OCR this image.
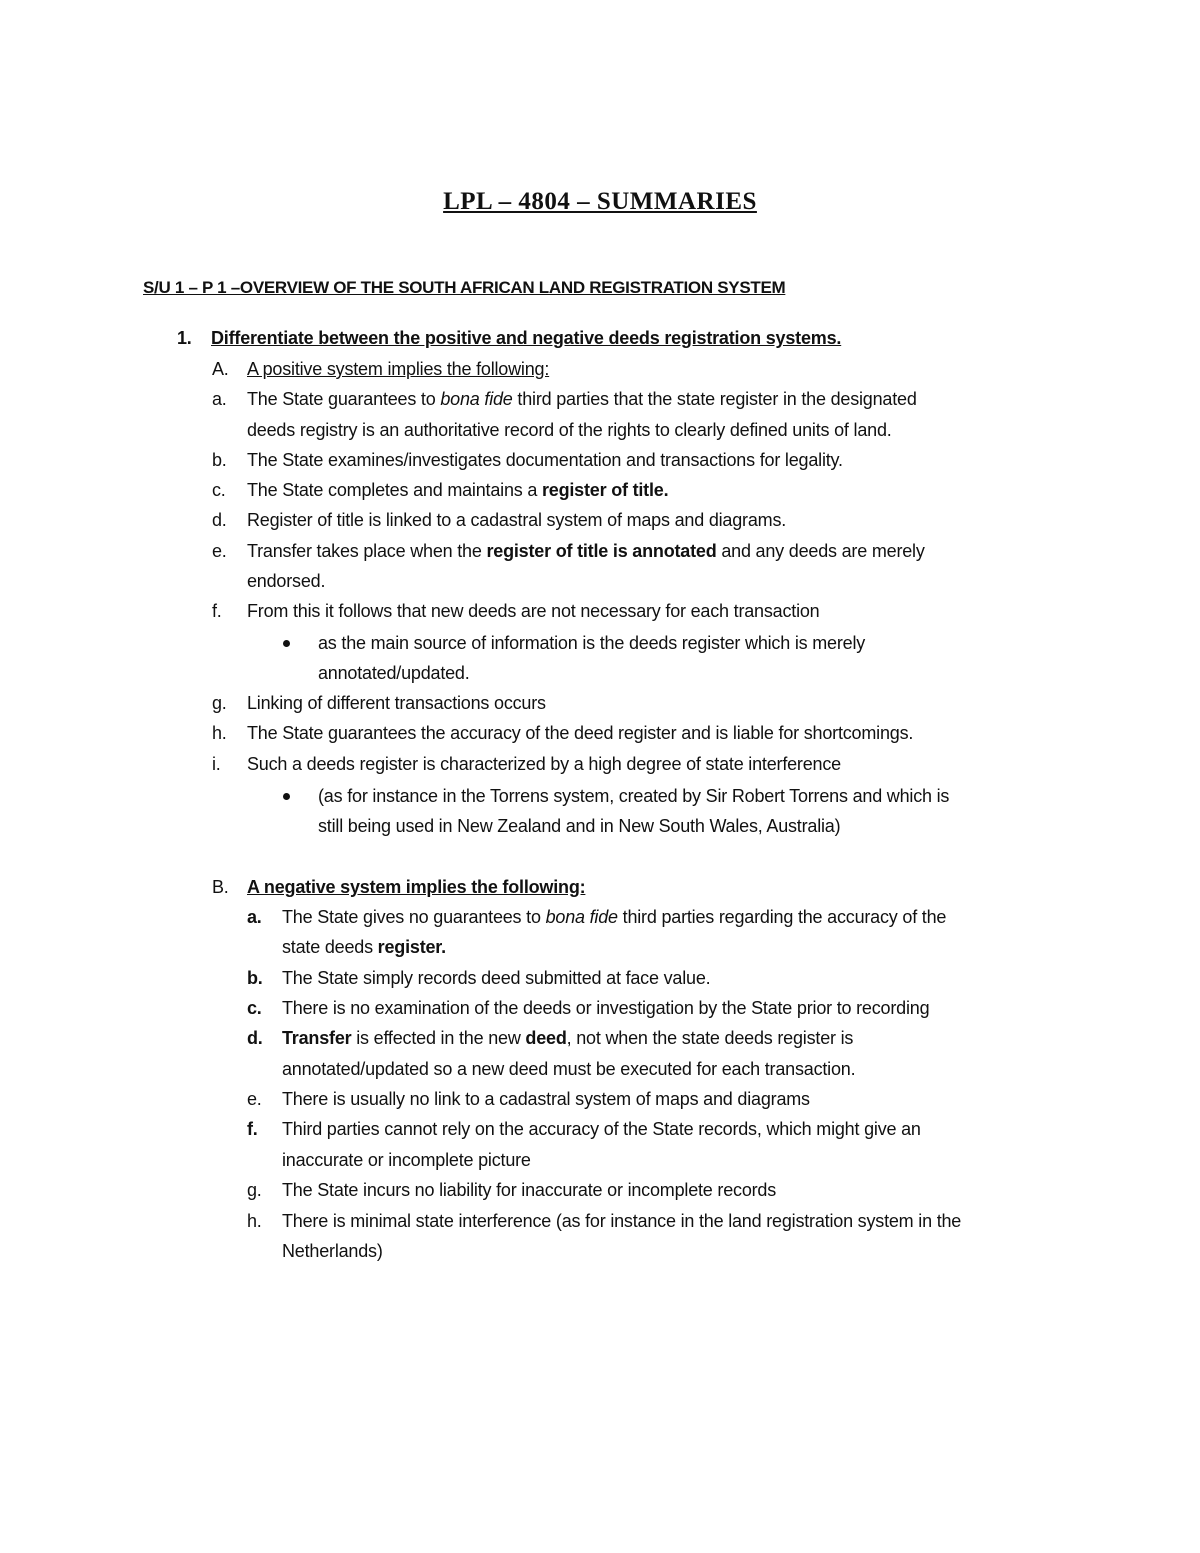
LPL – 4804 – SUMMARIES
S/U 1 – P 1 –OVERVIEW OF THE SOUTH AFRICAN LAND REGISTRATION SYSTEM
1. Differentiate between the positive and negative deeds registration systems.
A. A positive system implies the following:
a. The State guarantees to bona fide third parties that the state register in the designated
deeds registry is an authoritative record of the rights to clearly defined units of land.
b. The State examines/investigates documentation and transactions for legality.
c. The State completes and maintains a register of title.
d. Register of title is linked to a cadastral system of maps and diagrams.
e. Transfer takes place when the register of title is annotated and any deeds are merely
endorsed.
f. From this it follows that new deeds are not necessary for each transaction
as the main source of information is the deeds register which is merely
annotated/updated.
g. Linking of different transactions occurs
h. The State guarantees the accuracy of the deed register and is liable for shortcomings.
i. Such a deeds register is characterized by a high degree of state interference
(as for instance in the Torrens system, created by Sir Robert Torrens and which is
still being used in New Zealand and in New South Wales, Australia)
B. A negative system implies the following:
a. The State gives no guarantees to bona fide third parties regarding the accuracy of the
state deeds register.
b. The State simply records deed submitted at face value.
c. There is no examination of the deeds or investigation by the State prior to recording
d. Transfer is effected in the new deed, not when the state deeds register is
annotated/updated so a new deed must be executed for each transaction.
e. There is usually no link to a cadastral system of maps and diagrams
f. Third parties cannot rely on the accuracy of the State records, which might give an
inaccurate or incomplete picture
g. The State incurs no liability for inaccurate or incomplete records
h. There is minimal state interference (as for instance in the land registration system in the
Netherlands)
